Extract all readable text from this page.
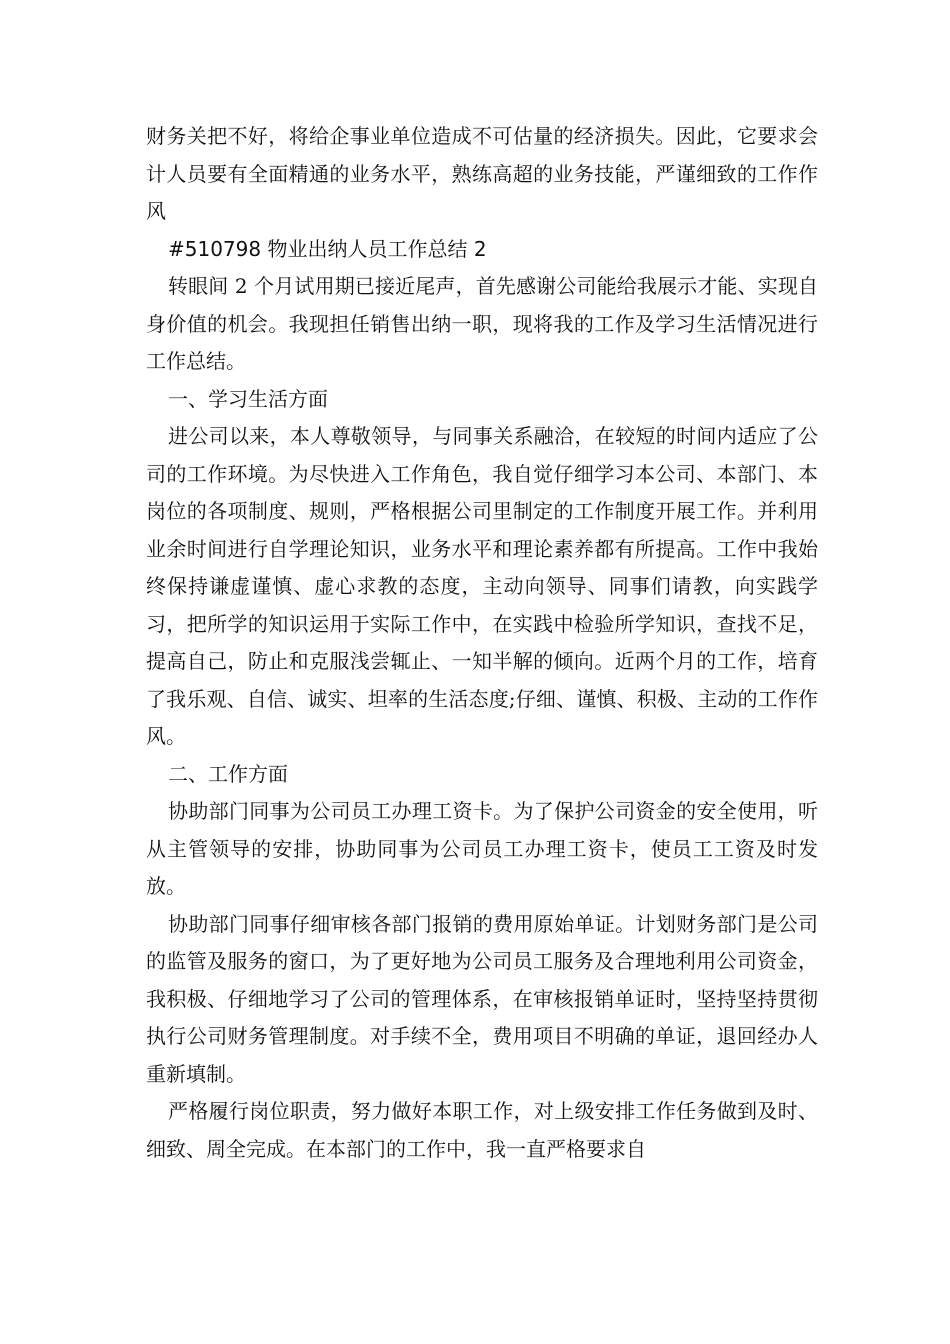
财务关把不好，将给企事业单位造成不可估量的经济损失。因此，它要求会计人员要有全面精通的业务水平，熟练高超的业务技能，严谨细致的工作作风

#510798 物业出纳人员工作总结 2

转眼间 2 个月试用期已接近尾声，首先感谢公司能给我展示才能、实现自身价值的机会。我现担任销售出纳一职，现将我的工作及学习生活情况进行工作总结。

一、学习生活方面

进公司以来，本人尊敬领导，与同事关系融洽，在较短的时间内适应了公司的工作环境。为尽快进入工作角色，我自觉仔细学习本公司、本部门、本岗位的各项制度、规则，严格根据公司里制定的工作制度开展工作。并利用业余时间进行自学理论知识，业务水平和理论素养都有所提高。工作中我始终保持谦虚谨慎、虚心求教的态度，主动向领导、同事们请教，向实践学习，把所学的知识运用于实际工作中，在实践中检验所学知识，查找不足，提高自己，防止和克服浅尝辄止、一知半解的倾向。近两个月的工作，培育了我乐观、自信、诚实、坦率的生活态度;仔细、谨慎、积极、主动的工作作风。

二、工作方面

协助部门同事为公司员工办理工资卡。为了保护公司资金的安全使用，听从主管领导的安排，协助同事为公司员工办理工资卡，使员工工资及时发放。

协助部门同事仔细审核各部门报销的费用原始单证。计划财务部门是公司的监管及服务的窗口，为了更好地为公司员工服务及合理地利用公司资金，我积极、仔细地学习了公司的管理体系，在审核报销单证时，坚持坚持贯彻执行公司财务管理制度。对手续不全，费用项目不明确的单证，退回经办人重新填制。

严格履行岗位职责，努力做好本职工作，对上级安排工作任务做到及时、细致、周全完成。在本部门的工作中，我一直严格要求自
